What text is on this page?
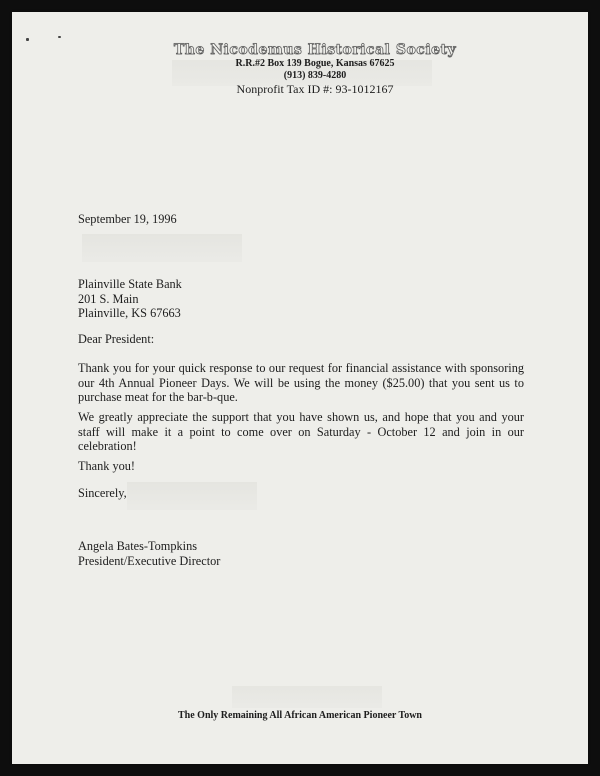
The Nicodemus Historical Society
R.R.#2 Box 139 Bogue, Kansas 67625
(913) 839-4280
Nonprofit Tax ID #: 93-1012167
September 19, 1996
Plainville State Bank
201 S. Main
Plainville, KS 67663
Dear President:
Thank you for your quick response to our request for financial assistance with sponsoring our 4th Annual Pioneer Days. We will be using the money ($25.00) that you sent us to purchase meat for the bar-b-que.
We greatly appreciate the support that you have shown us, and hope that you and your staff will make it a point to come over on Saturday - October 12 and join in our celebration!
Thank you!
Sincerely,
Angela Bates-Tompkins
President/Executive Director
The Only Remaining All African American Pioneer Town
